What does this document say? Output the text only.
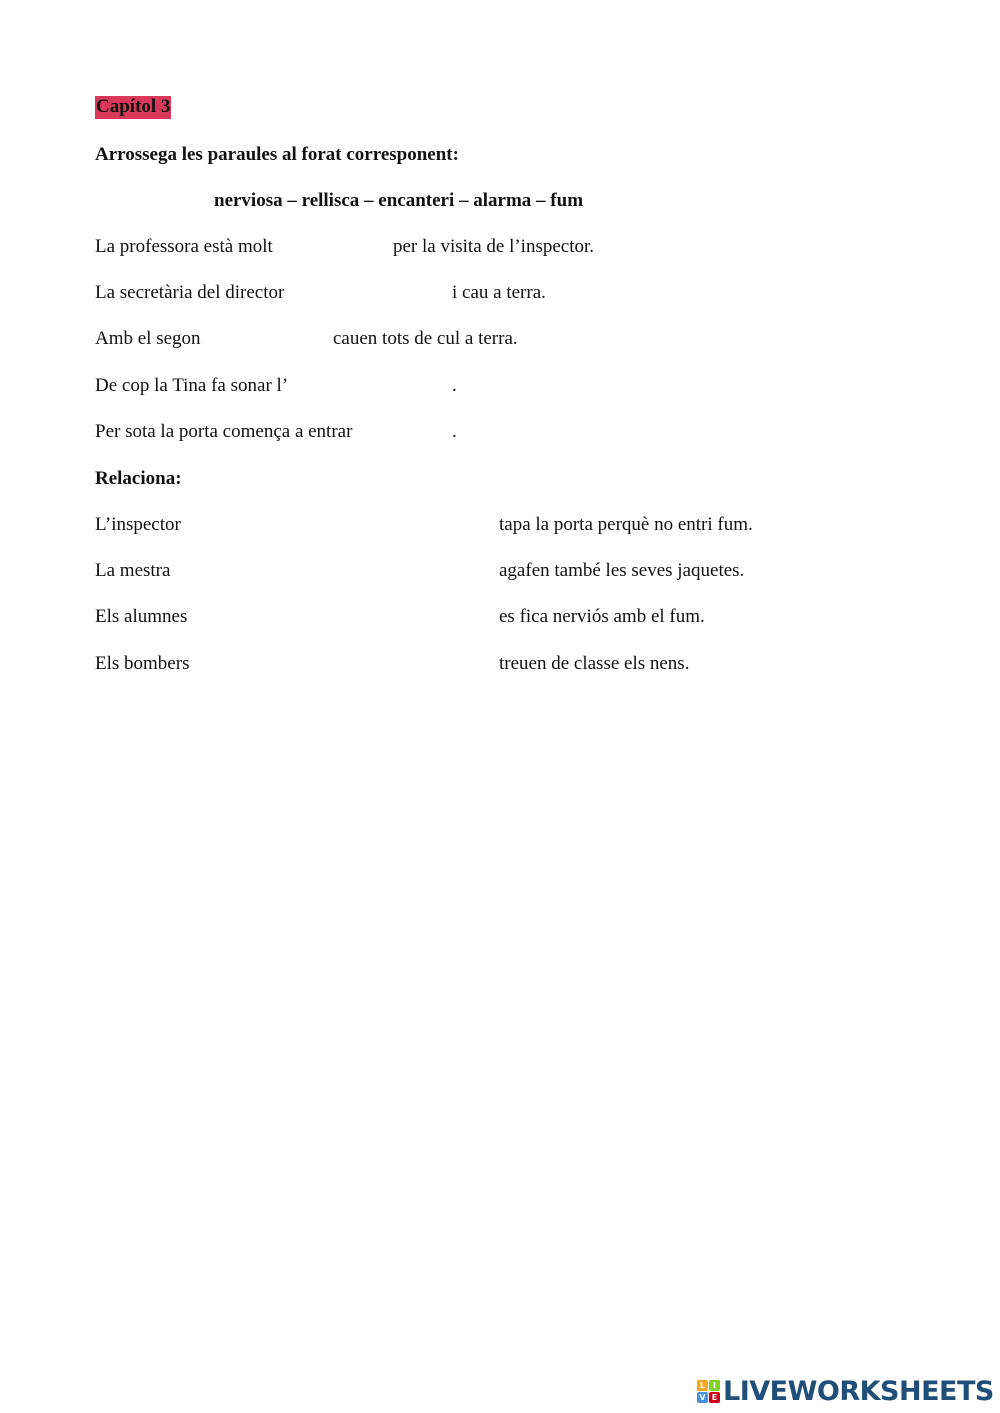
Capítol 3
Arrossega les paraules al forat corresponent:
nerviosa – rellisca – encanteri – alarma – fum
La professora està molt	per la visita de l’inspector.
La secretària del director	i cau a terra.
Amb el segon	cauen tots de cul a terra.
De cop la Tina fa sonar l’	.
Per sota la porta comença a entrar	.
Relaciona:
L’inspector	tapa la porta perquè no entri fum.
La mestra	agafen també les seves jaquetes.
Els alumnes	es fica nerviós amb el fum.
Els bombers	treuen de classe els nens.
L I
V E LIVEWORKSHEETS
